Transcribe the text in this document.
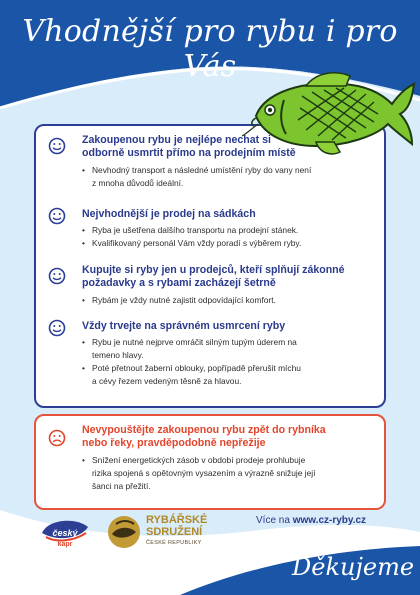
Vhodnější pro rybu i pro Vás
Zakoupenou rybu je nejlépe nechat si
odborně usmrtit přímo na prodejním místě
• Nevhodný transport a následné umístění ryby do vany není
z mnoha důvodů ideální.
Nejvhodnější je prodej na sádkách
• Ryba je ušetřena dalšího transportu na prodejní stánek.
• Kvalifikovaný personál Vám vždy poradí s výběrem ryby.
Kupujte si ryby jen u prodejců, kteří splňují zákonné
požadavky a s rybami zacházejí šetrně
• Rybám je vždy nutné zajistit odpovídající komfort.
Vždy trvejte na správném usmrcení ryby
• Rybu je nutné nejprve omráčit silným tupým úderem na
temeno hlavy.
• Poté přetnout žaberní oblouky, popřípadě přerušit míchu
a cévy řezem vedeným těsně za hlavou.
Nevypouštějte zakoupenou rybu zpět do rybníka
nebo řeky, pravděpodobně nepřežije
• Snížení energetických zásob v období prodeje prohlubuje
rizika spojená s opětovným vysazením a výrazně snižuje její
šanci na přežití.
český
kapr
RYBÁŘSKÉ
SDRUŽENÍ
ČESKÉ REPUBLIKY
Více na www.cz-ryby.cz
Děkujeme
